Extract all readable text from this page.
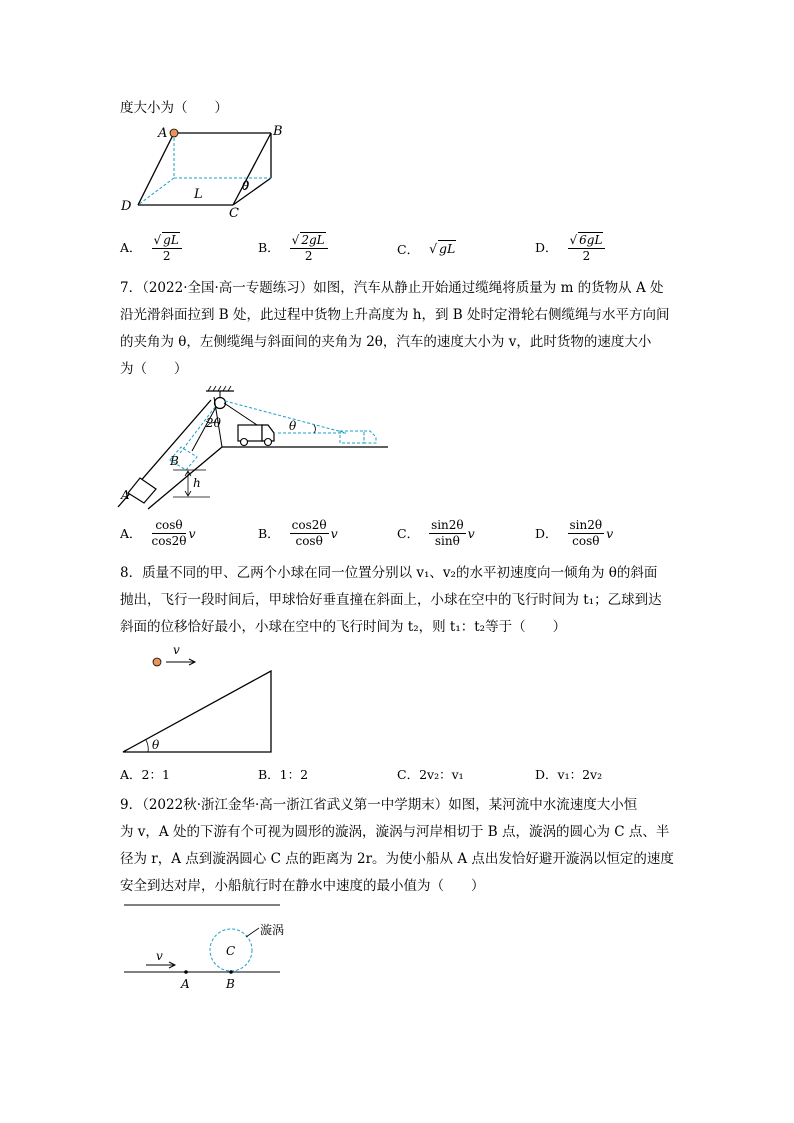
度大小为（　　）
A	B
C
D
L
θ
A． $\frac{√ gL}{2}$	B． $\frac{√ 2gL}{2}$	C． √ gL	D． $\frac{√ 6gL}{2}$
7．（2022·全国·高一专题练习）如图，汽车从静止开始通过缆绳将质量为 m 的货物从 A 处
沿光滑斜面拉到 B 处，此过程中货物上升高度为 h，到 B 处时定滑轮右侧缆绳与水平方向间
的夹角为 θ，左侧缆绳与斜面间的夹角为 2θ，汽车的速度大小为 v，此时货物的速度大小
为（　　）
2θ
B
A
h
θ
A． $\frac{\cos\theta}{\cos 2\theta}$ v	B． $\frac{\cos 2\theta}{\cos\theta}$ v	C． $\frac{\sin 2\theta}{\sin\theta}$ v	D． $\frac{\sin 2\theta}{\cos\theta}$ v
8．质量不同的甲、乙两个小球在同一位置分别以 v₁、v₂的水平初速度向一倾角为 θ的斜面
抛出，飞行一段时间后，甲球恰好垂直撞在斜面上，小球在空中的飞行时间为 t₁；乙球到达
斜面的位移恰好最小，小球在空中的飞行时间为 t₂，则 t₁：t₂等于（　　）
v
θ
A．2：1	B．1：2	C．2v₂：v₁	D．v₁：2v₂
9．（2022秋·浙江金华·高一浙江省武义第一中学期末）如图，某河流中水流速度大小恒
为 v，A 处的下游有个可视为圆形的漩涡，漩涡与河岸相切于 B 点，漩涡的圆心为 C 点、半
径为 r，A 点到漩涡圆心 C 点的距离为 2r。为使小船从 A 点出发恰好避开漩涡以恒定的速度
安全到达对岸，小船航行时在静水中速度的最小值为（　　）
漩涡
C
v
A	B
